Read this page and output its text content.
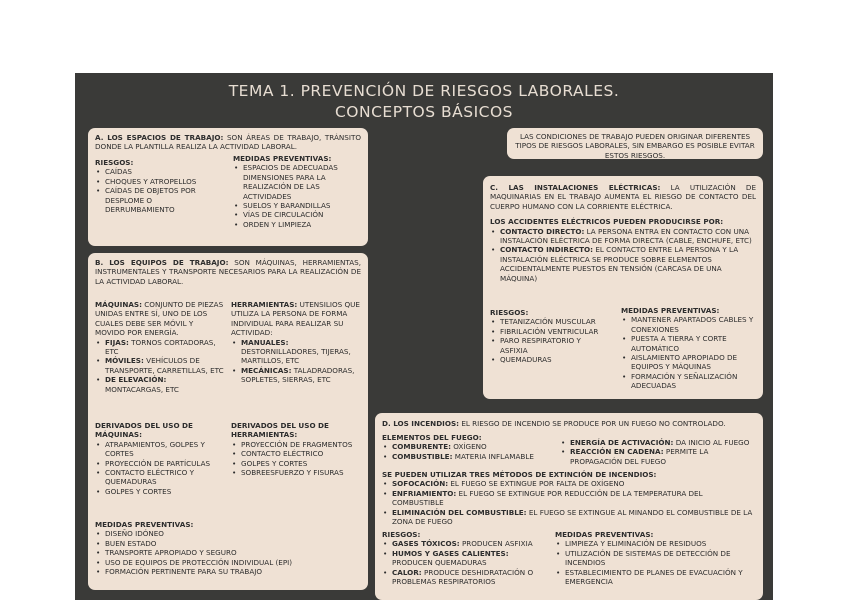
TEMA 1. PREVENCIÓN DE RIESGOS LABORALES.
CONCEPTOS BÁSICOS

A. LOS ESPACIOS DE TRABAJO: SON ÁREAS DE TRABAJO, TRÁNSITO DONDE LA PLANTILLA REALIZA LA ACTIVIDAD LABORAL.

RIESGOS:

• CAÍDAS
• CHOQUES Y ATROPELLOS
• CAÍDAS DE OBJETOS POR DESPLOME O DERRUMBAMIENTO

MEDIDAS PREVENTIVAS:

• ESPACIOS DE ADECUADAS DIMENSIONES PARA LA REALIZACIÓN DE LAS ACTIVIDADES
• SUELOS Y BARANDILLAS
• VÍAS DE CIRCULACIÓN
• ORDEN Y LIMPIEZA

LAS CONDICIONES DE TRABAJO PUEDEN ORIGINAR DIFERENTES TIPOS DE RIESGOS LABORALES, SIN EMBARGO ES POSIBLE EVITAR ESTOS RIESGOS.

C. LAS INSTALACIONES ELÉCTRICAS: LA UTILIZACIÓN DE MAQUINARIAS EN EL TRABAJO AUMENTA EL RIESGO DE CONTACTO DEL CUERPO HUMANO CON LA CORRIENTE ELÉCTRICA.

LOS ACCIDENTES ELÉCTRICOS PUEDEN PRODUCIRSE POR:

• CONTACTO DIRECTO: LA PERSONA ENTRA EN CONTACTO CON UNA INSTALACIÓN ELÉCTRICA DE FORMA DIRECTA (CABLE, ENCHUFE, ETC)
• CONTACTO INDIRECTO: EL CONTACTO ENTRE LA PERSONA Y LA INSTALACIÓN ELÉCTRICA SE PRODUCE SOBRE ELEMENTOS ACCIDENTALMENTE PUESTOS EN TENSIÓN (CARCASA DE UNA MÁQUINA)

RIESGOS:

• TETANIZACIÓN MUSCULAR
• FIBRILACIÓN VENTRICULAR
• PARO RESPIRATORIO Y ASFIXIA
• QUEMADURAS

MEDIDAS PREVENTIVAS:

• MANTENER APARTADOS CABLES Y CONEXIONES
• PUESTA A TIERRA Y CORTE AUTOMÁTICO
• AISLAMIENTO APROPIADO DE EQUIPOS Y MÁQUINAS
• FORMACIÓN Y SEÑALIZACIÓN ADECUADAS

B. LOS EQUIPOS DE TRABAJO: SON MÁQUINAS, HERRAMIENTAS, INSTRUMENTALES Y TRANSPORTE NECESARIOS PARA LA REALIZACIÓN DE LA ACTIVIDAD LABORAL.

MÁQUINAS: CONJUNTO DE PIEZAS UNIDAS ENTRE SÍ, UNO DE LOS CUALES DEBE SER MÓVIL Y MOVIDO POR ENERGÍA.

• FIJAS: TORNOS CORTADORAS, ETC
• MÓVILES: VEHÍCULOS DE TRANSPORTE, CARRETILLAS, ETC
• DE ELEVACIÓN: MONTACARGAS, ETC

HERRAMIENTAS: UTENSILIOS QUE UTILIZA LA PERSONA DE FORMA INDIVIDUAL PARA REALIZAR SU ACTIVIDAD:

• MANUALES: DESTORNILLADORES, TIJERAS, MARTILLOS, ETC
• MECÁNICAS: TALADRADORAS, SOPLETES, SIERRAS, ETC

DERIVADOS DEL USO DE MÁQUINAS:

• ATRAPAMIENTOS, GOLPES Y CORTES
• PROYECCIÓN DE PARTÍCULAS
• CONTACTO ELÉCTRICO Y QUEMADURAS
• GOLPES Y CORTES

DERIVADOS DEL USO DE HERRAMIENTAS:

• PROYECCIÓN DE FRAGMENTOS
• CONTACTO ELÉCTRICO
• GOLPES Y CORTES
• SOBREESFUERZO Y FISURAS

MEDIDAS PREVENTIVAS:

• DISEÑO IDÓNEO
• BUEN ESTADO
• TRANSPORTE APROPIADO Y SEGURO
• USO DE EQUIPOS DE PROTECCIÓN INDIVIDUAL (EPI)
• FORMACIÓN PERTINENTE PARA SU TRABAJO

D. LOS INCENDIOS: EL RIESGO DE INCENDIO SE PRODUCE POR UN FUEGO NO CONTROLADO.

ELEMENTOS DEL FUEGO:

• COMBURENTE: OXÍGENO
• COMBUSTIBLE: MATERIA INFLAMABLE
• ENERGÍA DE ACTIVACIÓN: DA INICIO AL FUEGO
• REACCIÓN EN CADENA: PERMITE LA PROPAGACIÓN DEL FUEGO

SE PUEDEN UTILIZAR TRES MÉTODOS DE EXTINCIÓN DE INCENDIOS:

• SOFOCACIÓN: EL FUEGO SE EXTINGUE POR FALTA DE OXÍGENO
• ENFRIAMIENTO: EL FUEGO SE EXTINGUE POR REDUCCIÓN DE LA TEMPERATURA DEL COMBUSTIBLE
• ELIMINACIÓN DEL COMBUSTIBLE: EL FUEGO SE EXTINGUE AL MINANDO EL COMBUSTIBLE DE LA ZONA DE FUEGO

RIESGOS:

• GASES TÓXICOS: PRODUCEN ASFIXIA
• HUMOS Y GASES CALIENTES: PRODUCEN QUEMADURAS
• CALOR: PRODUCE DESHIDRATACIÓN O PROBLEMAS RESPIRATORIOS

MEDIDAS PREVENTIVAS:

• LIMPIEZA Y ELIMINACIÓN DE RESIDUOS
• UTILIZACIÓN DE SISTEMAS DE DETECCIÓN DE INCENDIOS
• ESTABLECIMIENTO DE PLANES DE EVACUACIÓN Y EMERGENCIA
